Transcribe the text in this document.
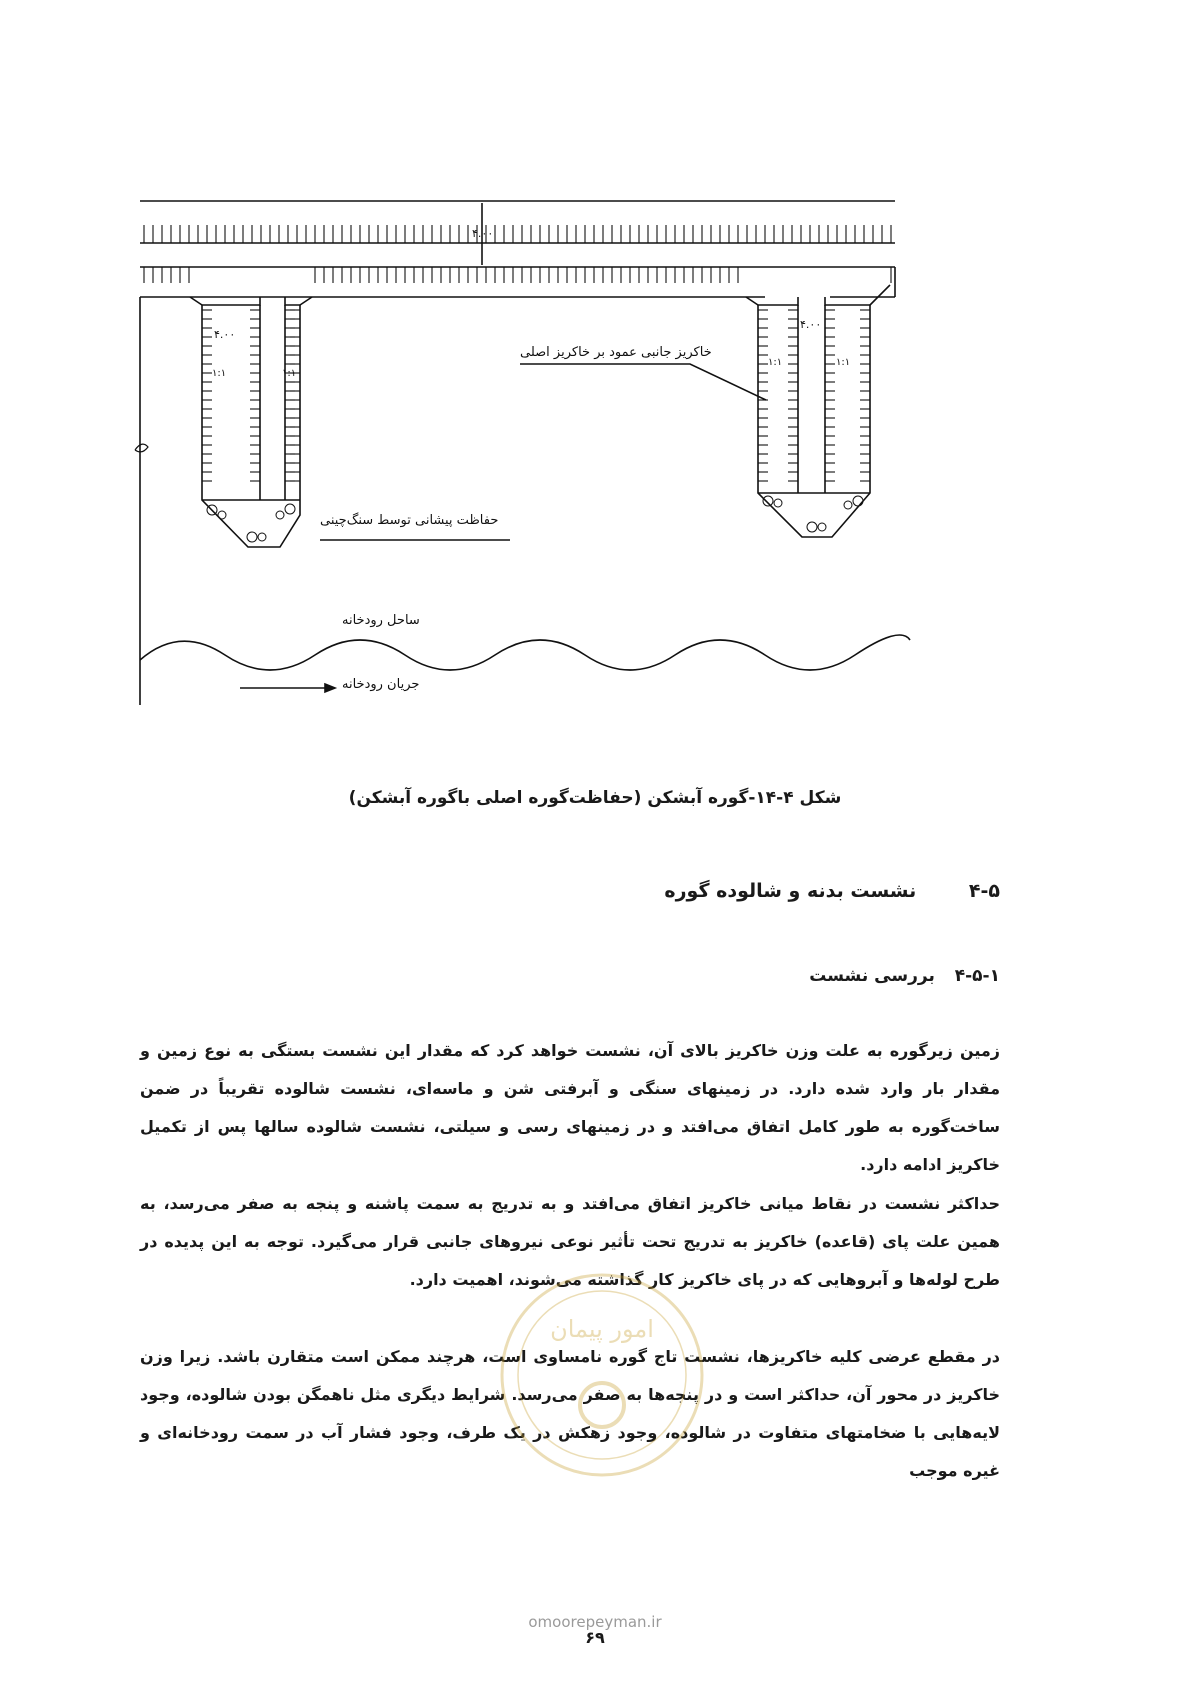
۴.۰۰
۴.۰۰
۴.۰۰
۱:۱	۱:۱
۱:۱	۱:۱
خاکریز جانبی عمود بر خاکریز اصلی
حفاظت پیشانی توسط سنگ‌چینی
ساحل رودخانه
جریان رودخانه
شکل ۴-۱۴-گوره آبشکن (حفاظت‌گوره اصلی باگوره آبشکن)
۴-۵ نشست بدنه و شالوده گوره
۴-۵-۱ بررسی نشست
زمین زیرگوره به علت وزن خاکریز بالای آن، نشست خواهد کرد که مقدار این نشست بستگی به نوع زمین و مقدار بار وارد شده دارد. در زمینهای سنگی و آبرفتی شن و ماسه‌ای، نشست شالوده تقریباً در ضمن ساخت‌گوره به طور کامل اتفاق می‌افتد و در زمینهای رسی و سیلتی، نشست شالوده سالها پس از تکمیل خاکریز ادامه دارد.
حداکثر نشست در نقاط میانی خاکریز اتفاق می‌افتد و به تدریج به سمت پاشنه و پنجه به صفر می‌رسد، به همین علت پای (قاعده) خاکریز به تدریج تحت تأثیر نوعی نیروهای جانبی قرار می‌گیرد. توجه به این پدیده در طرح لوله‌ها و آبروهایی که در پای خاکریز کار گذاشته می‌شوند، اهمیت دارد.
در مقطع عرضی کلیه خاکریزها، نشست تاج گوره نامساوی است، هرچند ممکن است متقارن باشد. زیرا وزن خاکریز در محور آن، حداکثر است و در پنجه‌ها به صفر می‌رسد. شرایط دیگری مثل ناهمگن بودن شالوده، وجود لایه‌هایی با ضخامتهای متفاوت در شالوده، وجود زهکش در یک طرف، وجود فشار آب در سمت رودخانه‌ای و غیره موجب
امور پیمان
omoorepeyman.ir
۶۹
